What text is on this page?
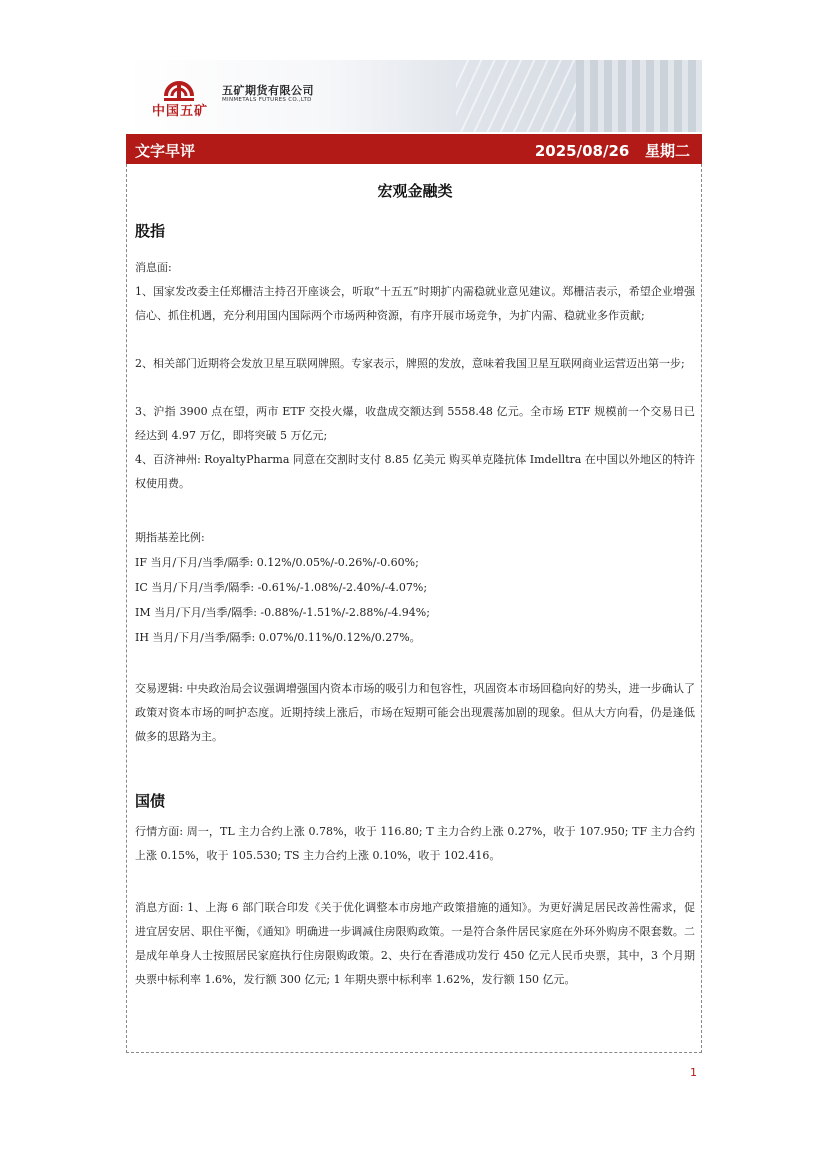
中国五矿
五矿期货有限公司
MINMETALS FUTURES CO.,LTD
文字早评	2025/08/26 星期二
宏观金融类
股指
消息面:
1、国家发改委主任郑栅洁主持召开座谈会，听取“十五五”时期扩内需稳就业意见建议。郑栅洁表示，希望企业增强信心、抓住机遇，充分利用国内国际两个市场两种资源，有序开展市场竞争，为扩内需、稳就业多作贡献;
2、相关部门近期将会发放卫星互联网牌照。专家表示，牌照的发放，意味着我国卫星互联网商业运营迈出第一步;
3、沪指 3900 点在望，两市 ETF 交投火爆，收盘成交额达到 5558.48 亿元。全市场 ETF 规模前一个交易日已经达到 4.97 万亿，即将突破 5 万亿元;
4、百济神州: RoyaltyPharma 同意在交割时支付 8.85 亿美元 购买单克隆抗体 Imdelltra 在中国以外地区的特许权使用费。
期指基差比例:
IF 当月/下月/当季/隔季: 0.12%/0.05%/-0.26%/-0.60%;
IC 当月/下月/当季/隔季: -0.61%/-1.08%/-2.40%/-4.07%;
IM 当月/下月/当季/隔季: -0.88%/-1.51%/-2.88%/-4.94%;
IH 当月/下月/当季/隔季: 0.07%/0.11%/0.12%/0.27%。
交易逻辑: 中央政治局会议强调增强国内资本市场的吸引力和包容性，巩固资本市场回稳向好的势头，进一步确认了政策对资本市场的呵护态度。近期持续上涨后，市场在短期可能会出现震荡加剧的现象。但从大方向看，仍是逢低做多的思路为主。
国债
行情方面: 周一，TL 主力合约上涨 0.78%，收于 116.80; T 主力合约上涨 0.27%，收于 107.950; TF 主力合约上涨 0.15%，收于 105.530; TS 主力合约上涨 0.10%，收于 102.416。
消息方面: 1、上海 6 部门联合印发《关于优化调整本市房地产政策措施的通知》。为更好满足居民改善性需求，促进宜居安居、职住平衡，《通知》明确进一步调减住房限购政策。一是符合条件居民家庭在外环外购房不限套数。二是成年单身人士按照居民家庭执行住房限购政策。2、央行在香港成功发行 450 亿元人民币央票，其中，3 个月期央票中标利率 1.6%，发行额 300 亿元; 1 年期央票中标利率 1.62%，发行额 150 亿元。
1
